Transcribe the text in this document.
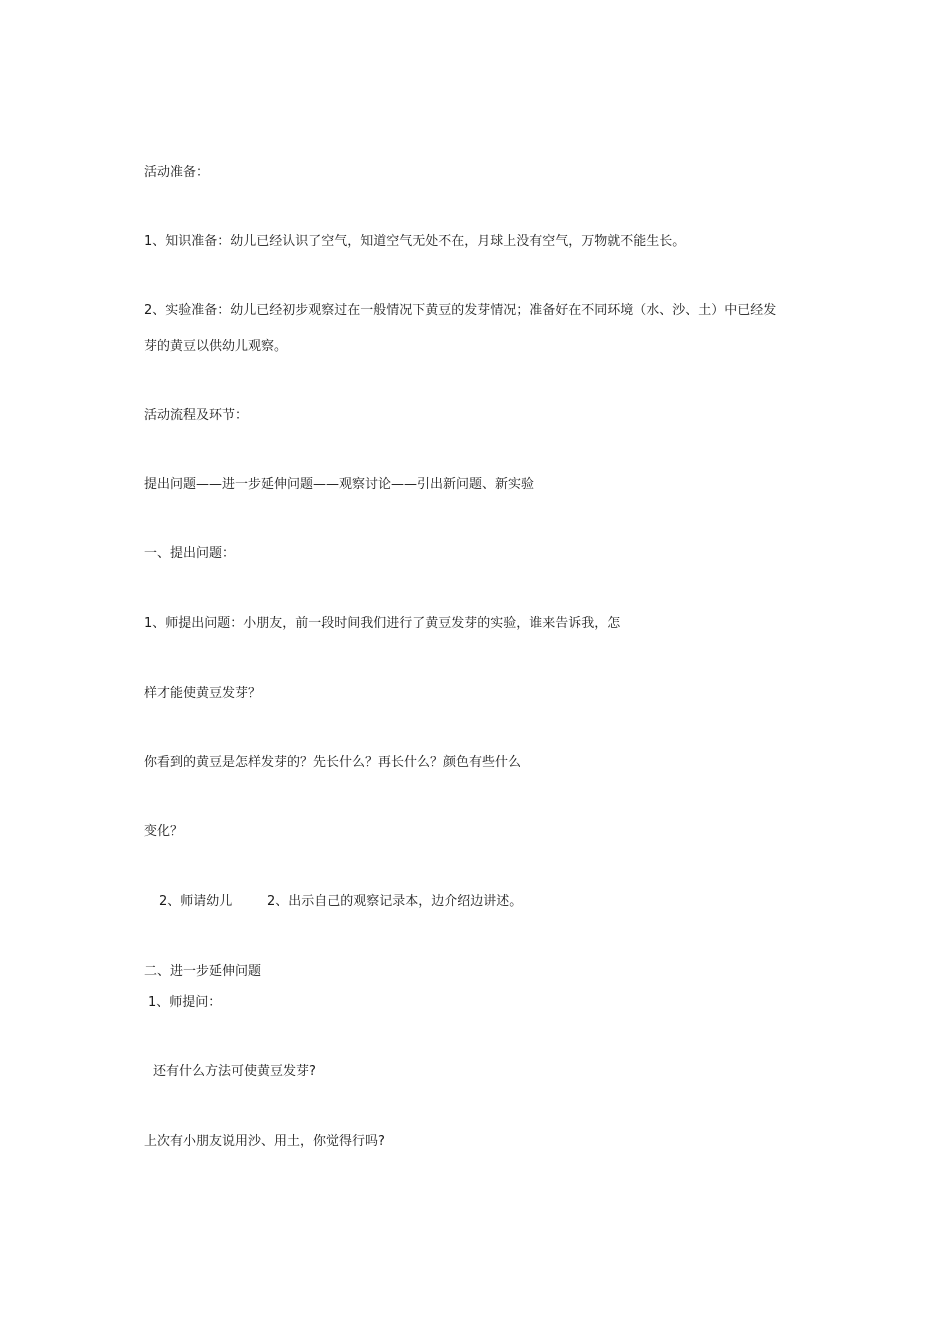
活动准备：
1、知识准备：幼儿已经认识了空气，知道空气无处不在，月球上没有空气，万物就不能生长。
2、实验准备：幼儿已经初步观察过在一般情况下黄豆的发芽情况；准备好在不同环境（水、沙、土）中已经发
芽的黄豆以供幼儿观察。
活动流程及环节：
提出问题——进一步延伸问题——观察讨论——引出新问题、新实验
一、提出问题：
1、师提出问题：小朋友，前一段时间我们进行了黄豆发芽的实验，谁来告诉我，怎
样才能使黄豆发芽？
你看到的黄豆是怎样发芽的？先长什么？再长什么？颜色有些什么
变化？
2、师请幼儿	2、出示自己的观察记录本，边介绍边讲述。
二、进一步延伸问题
1、师提问：
还有什么方法可使黄豆发芽?
上次有小朋友说用沙、用土，你觉得行吗?
